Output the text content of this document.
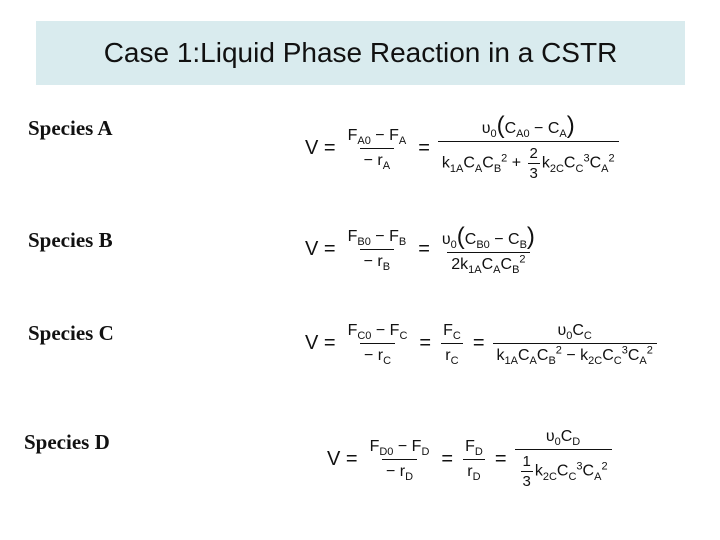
Case 1:Liquid Phase Reaction in a CSTR
Species A
Species B
Species C
Species D
$V = \frac{F_{A0} - F_A}{- r_A} = \frac{\upsilon_0(C_{A0} - C_A)}{k_{1A}C_AC_B^2 + \frac{2}{3} k_{2C}C_C^3C_A^2}$
$V = \frac{F_{B0} - F_B}{- r_B} = \frac{\upsilon_0(C_{B0} - C_B)}{2k_{1A}C_AC_B^2}$
$V = \frac{F_{C0} - F_C}{- r_C} = \frac{F_C}{r_C} = \frac{\upsilon_0C_C}{k_{1A}C_AC_B^2 - k_{2C}C_C^3C_A^2}$
$V = \frac{F_{D0} - F_D}{- r_D} = \frac{F_D}{r_D} = \frac{\upsilon_0C_D}{\frac{1}{3} k_{2C}C_C^3C_A^2}$
